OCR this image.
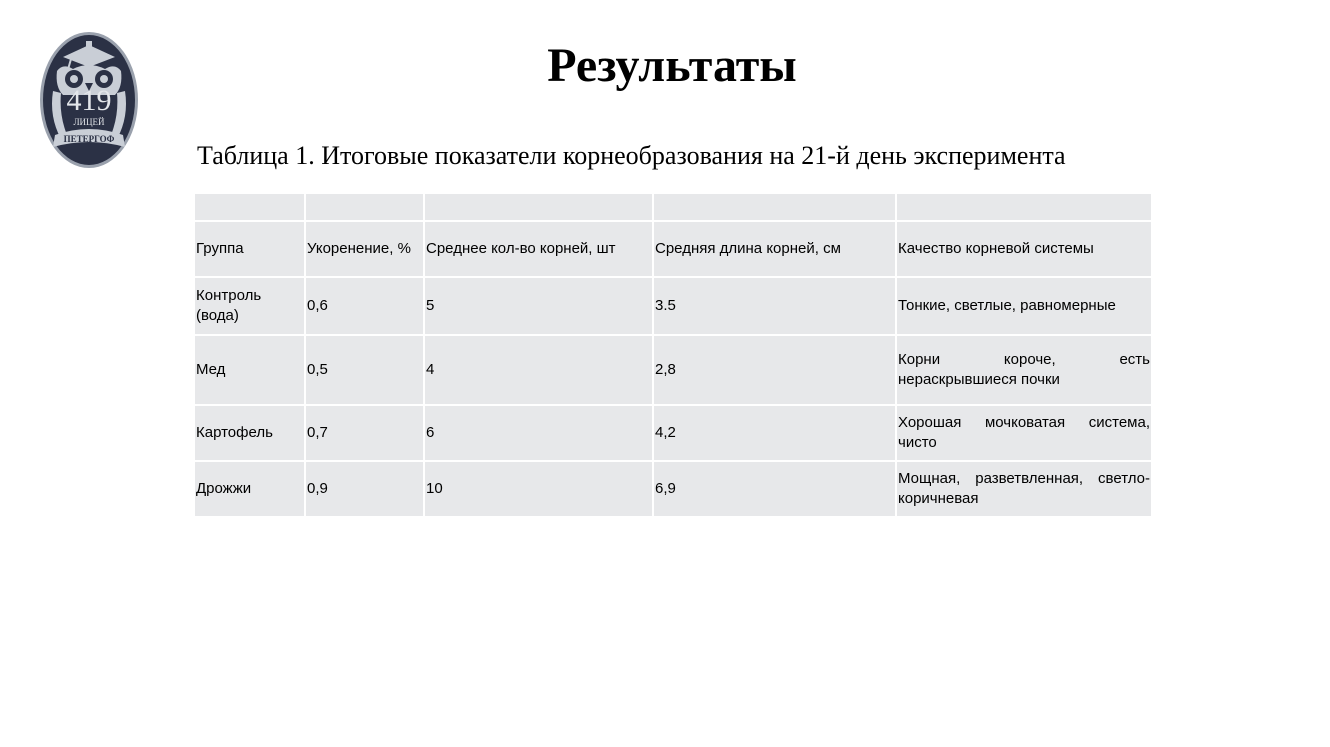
419
ЛИЦЕЙ
ПЕТЕРГОФ
Результаты
Таблица 1. Итоговые показатели корнеобразования на 21-й день эксперимента

Группа	Укоренение, %	Среднее кол-во корней, шт	Средняя длина корней, см	Качество корневой системы
Контроль (вода)	0,6	5	3.5	Тонкие, светлые, равномерные
Мед	0,5	4	2,8	Корни короче, есть нераскрывшиеся почки
Картофель	0,7	6	4,2	Хорошая мочковатая система, чисто
Дрожжи	0,9	10	6,9	Мощная, разветвленная, светло-коричневая
